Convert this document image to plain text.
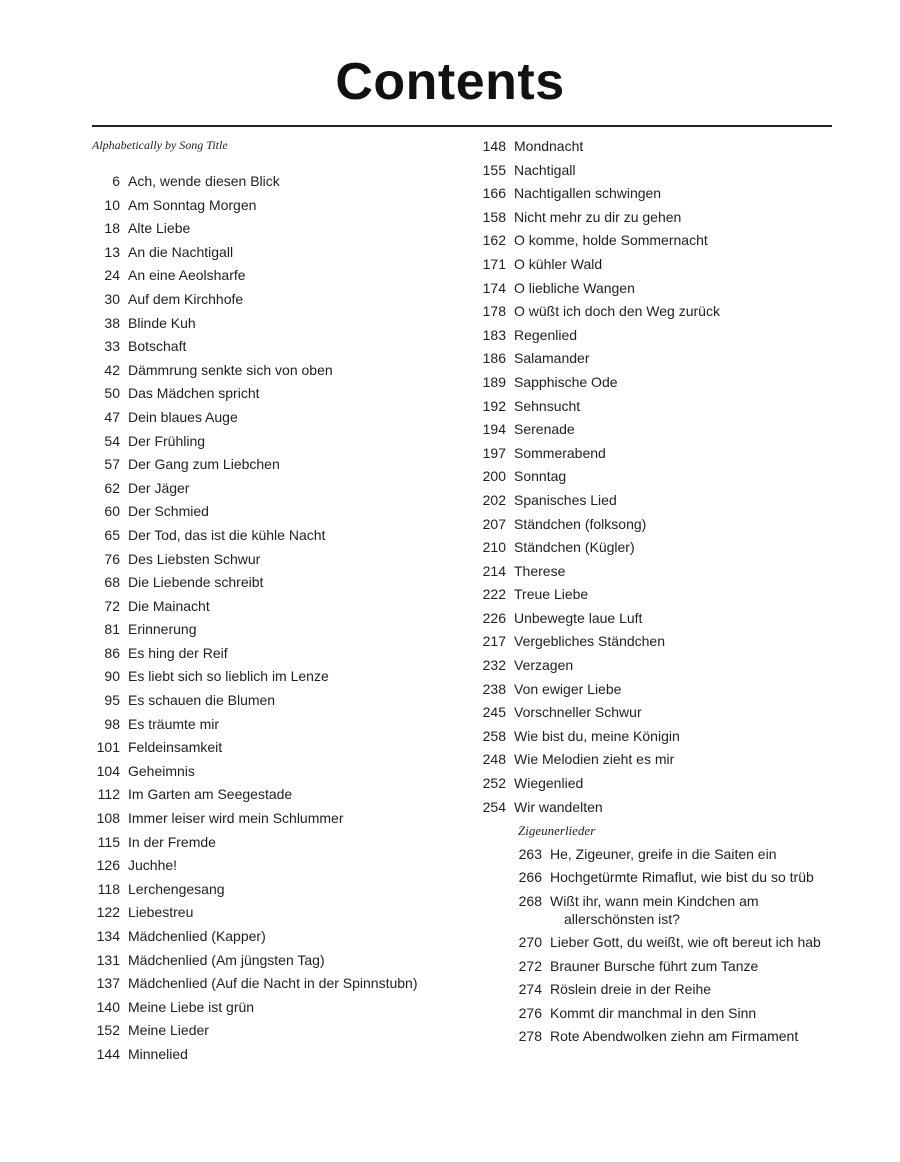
Contents
Alphabetically by Song Title
6 Ach, wende diesen Blick
10 Am Sonntag Morgen
18 Alte Liebe
13 An die Nachtigall
24 An eine Aeolsharfe
30 Auf dem Kirchhofe
38 Blinde Kuh
33 Botschaft
42 Dämmrung senkte sich von oben
50 Das Mädchen spricht
47 Dein blaues Auge
54 Der Frühling
57 Der Gang zum Liebchen
62 Der Jäger
60 Der Schmied
65 Der Tod, das ist die kühle Nacht
76 Des Liebsten Schwur
68 Die Liebende schreibt
72 Die Mainacht
81 Erinnerung
86 Es hing der Reif
90 Es liebt sich so lieblich im Lenze
95 Es schauen die Blumen
98 Es träumte mir
101 Feldeinsamkeit
104 Geheimnis
112 Im Garten am Seegestade
108 Immer leiser wird mein Schlummer
115 In der Fremde
126 Juchhe!
118 Lerchengesang
122 Liebestreu
134 Mädchenlied (Kapper)
131 Mädchenlied (Am jüngsten Tag)
137 Mädchenlied (Auf die Nacht in der Spinnstubn)
140 Meine Liebe ist grün
152 Meine Lieder
144 Minnelied
148 Mondnacht
155 Nachtigall
166 Nachtigallen schwingen
158 Nicht mehr zu dir zu gehen
162 O komme, holde Sommernacht
171 O kühler Wald
174 O liebliche Wangen
178 O wüßt ich doch den Weg zurück
183 Regenlied
186 Salamander
189 Sapphische Ode
192 Sehnsucht
194 Serenade
197 Sommerabend
200 Sonntag
202 Spanisches Lied
207 Ständchen (folksong)
210 Ständchen (Kügler)
214 Therese
222 Treue Liebe
226 Unbewegte laue Luft
217 Vergebliches Ständchen
232 Verzagen
238 Von ewiger Liebe
245 Vorschneller Schwur
258 Wie bist du, meine Königin
248 Wie Melodien zieht es mir
252 Wiegenlied
254 Wir wandelten
Zigeunerlieder
263 He, Zigeuner, greife in die Saiten ein
266 Hochgetürmte Rimaflut, wie bist du so trüb
268 Wißt ihr, wann mein Kindchen am
allerschönsten ist?
270 Lieber Gott, du weißt, wie oft bereut ich hab
272 Brauner Bursche führt zum Tanze
274 Röslein dreie in der Reihe
276 Kommt dir manchmal in den Sinn
278 Rote Abendwolken ziehn am Firmament
